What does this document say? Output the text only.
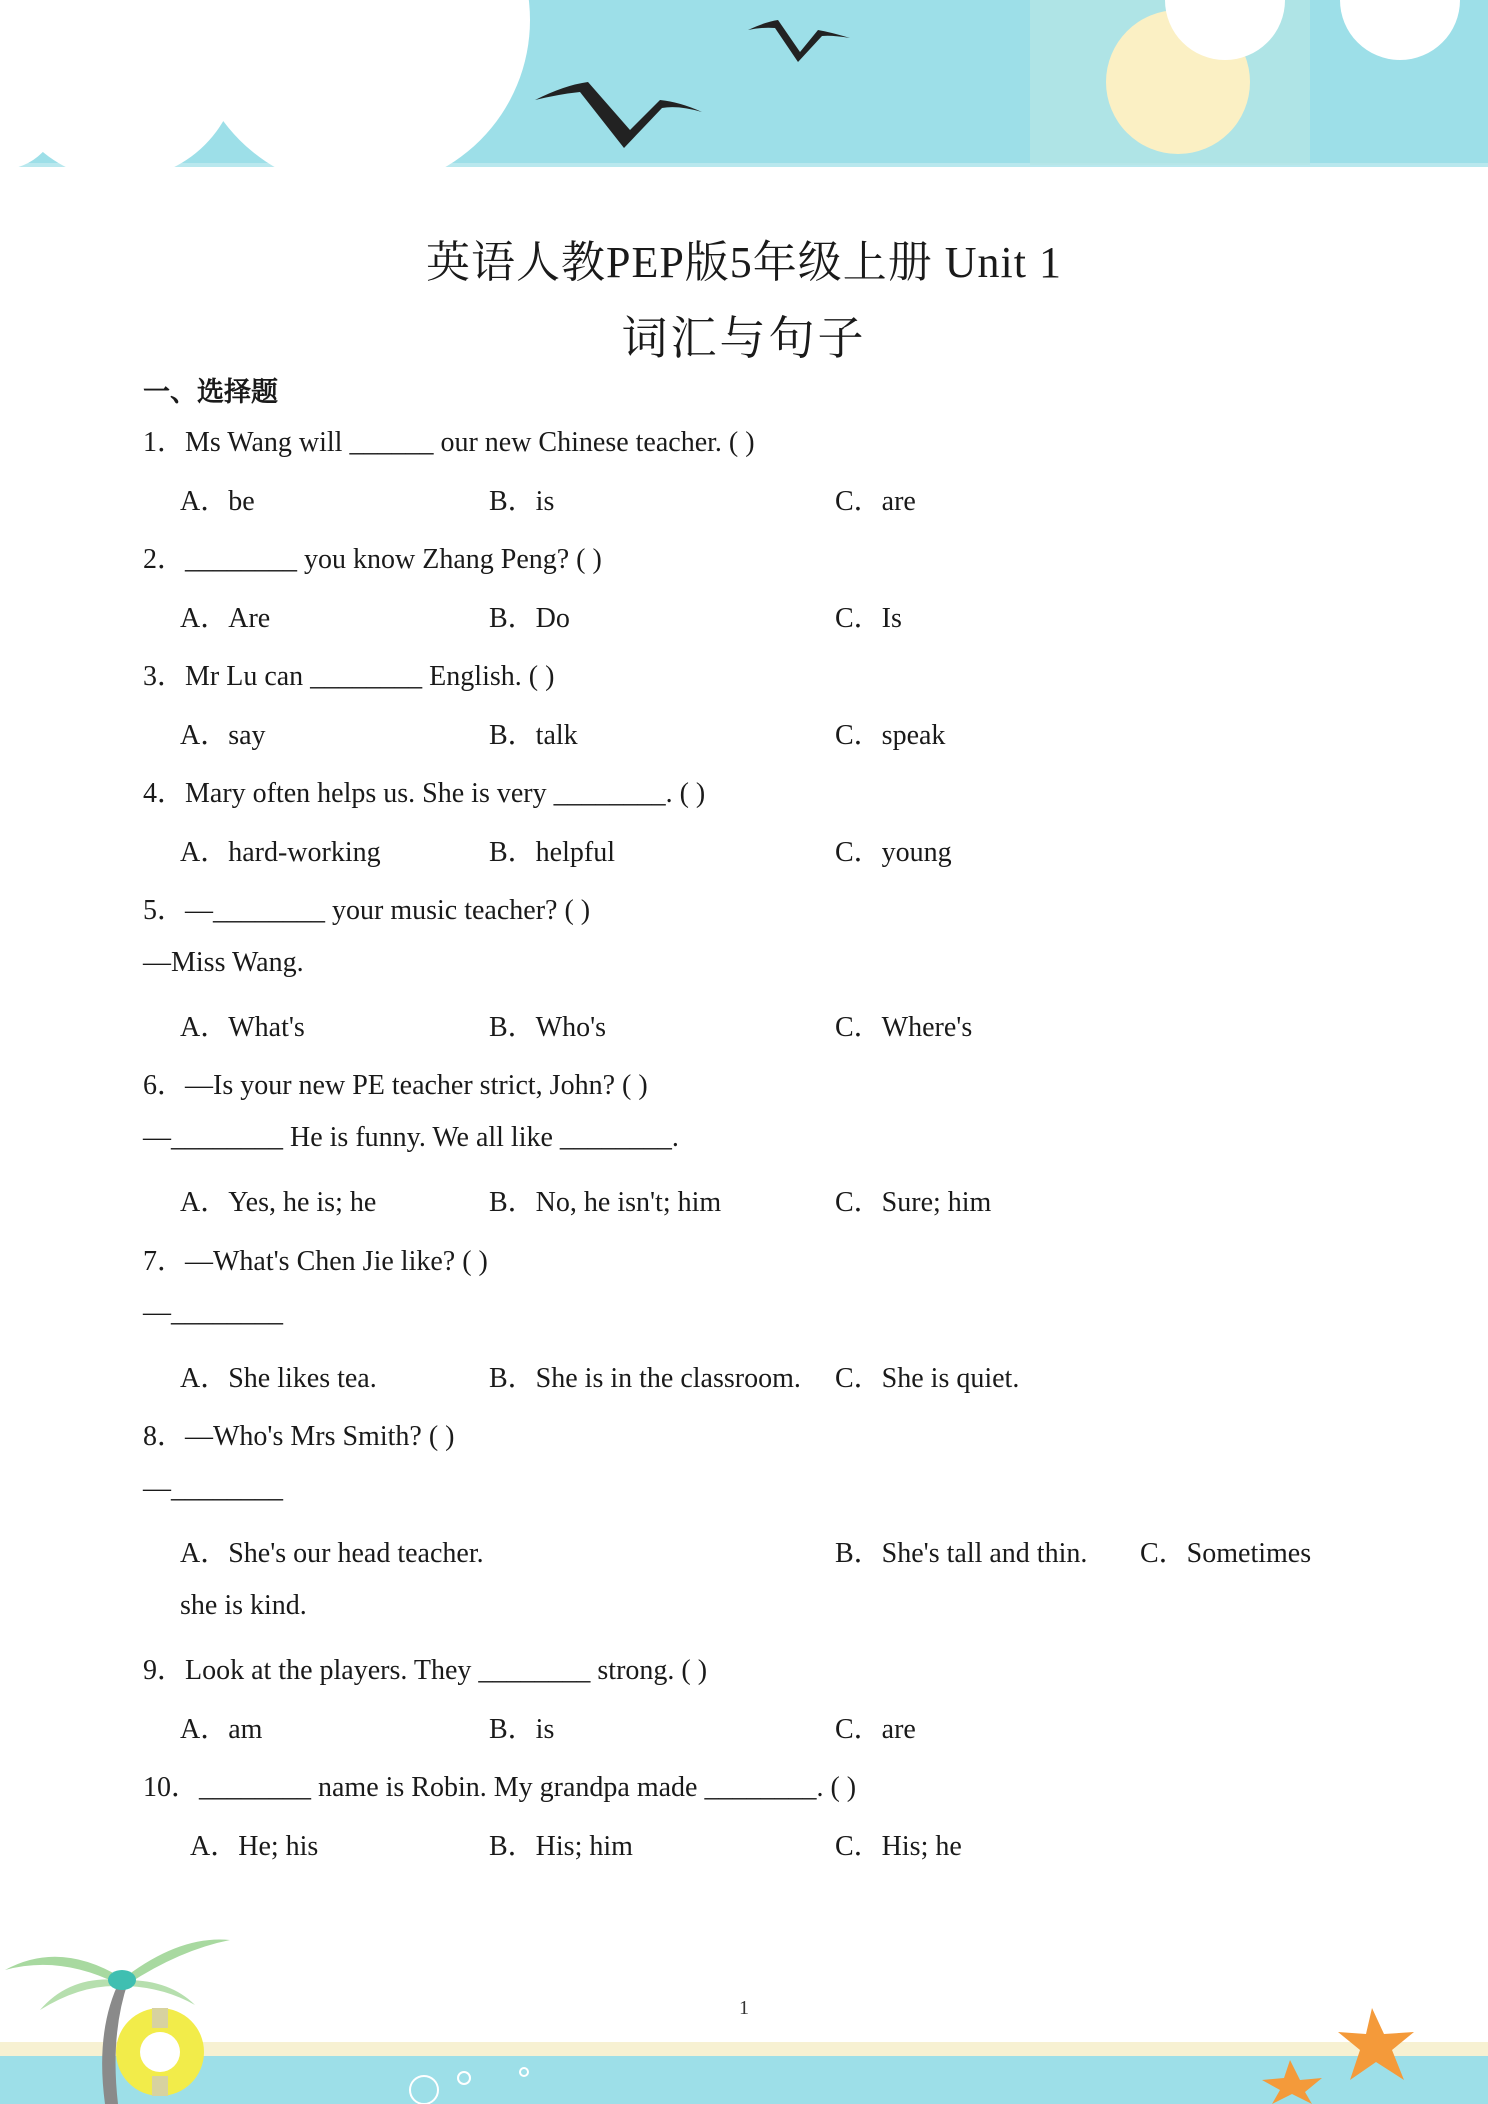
英语人教PEP版5年级上册 Unit 1
词汇与句子
一、选择题
1．Ms Wang will ______ our new Chinese teacher. ( )
A．be	B．is	C．are
2．________ you know Zhang Peng? ( )
A．Are	B．Do	C．Is
3．Mr Lu can ________ English. ( )
A．say	B．talk	C．speak
4．Mary often helps us. She is very ________. ( )
A．hard-working	B．helpful	C．young
5．—________ your music teacher? ( )
—Miss Wang.
A．What's	B．Who's	C．Where's
6．—Is your new PE teacher strict, John? ( )
—________ He is funny. We all like ________.
A．Yes, he is; he	B．No, he isn't; him	C．Sure; him
7．—What's Chen Jie like? ( )
—________
A．She likes tea.	B．She is in the classroom. C．She is quiet.
8．—Who's Mrs Smith? ( )
—________
A．She's our head teacher.	B．She's tall and thin. C．Sometimes
she is kind.
9．Look at the players. They ________ strong. ( )
A．am	B．is	C．are
10．________ name is Robin. My grandpa made ________. ( )
A．He; his	B．His; him	C．His; he
1
